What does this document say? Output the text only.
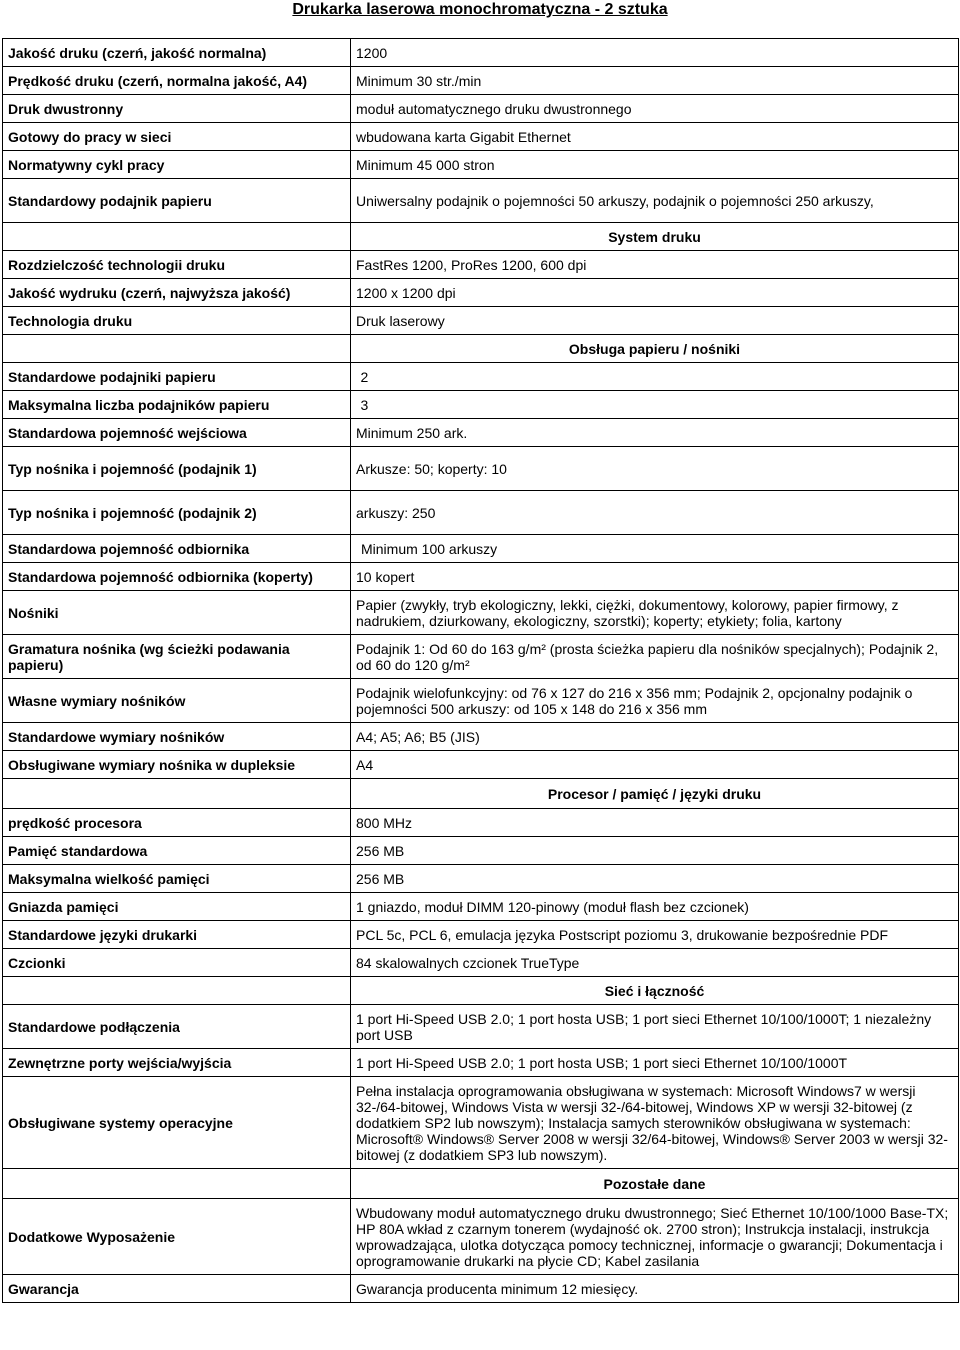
Drukarka laserowa monochromatyczna - 2 sztuka
Jakość druku (czerń, jakość normalna)	1200
Prędkość druku (czerń, normalna jakość, A4)	Minimum 30 str./min
Druk dwustronny	moduł automatycznego druku dwustronnego
Gotowy do pracy w sieci	wbudowana karta Gigabit Ethernet
Normatywny cykl pracy	Minimum 45 000 stron
Standardowy podajnik papieru	Uniwersalny podajnik o pojemności 50 arkuszy, podajnik o pojemności 250 arkuszy,
	System druku
Rozdzielczość technologii druku	FastRes 1200, ProRes 1200, 600 dpi
Jakość wydruku (czerń, najwyższa jakość)	1200 x 1200 dpi
Technologia druku	Druk laserowy
	Obsługa papieru / nośniki
Standardowe podajniki papieru 2	

Maksymalna liczba podajników papieru 3	

Standardowa pojemność wejściowa	Minimum 250 ark.
Typ nośnika i pojemność (podajnik 1)	Arkusze: 50; koperty: 10
Typ nośnika i pojemność (podajnik 2)	arkuszy: 250
Standardowa pojemność odbiornika	Minimum 100 arkuszy
Standardowa pojemność odbiornika (koperty)	10 kopert
Nośniki	Papier (zwykły, tryb ekologiczny, lekki, ciężki, dokumentowy, kolorowy, papier firmowy, z nadrukiem, dziurkowany, ekologiczny, szorstki); koperty; etykiety; folia, kartony
Gramatura nośnika (wg ścieżki podawania papieru)	Podajnik 1: Od 60 do 163 g/m² (prosta ścieżka papieru dla nośników specjalnych); Podajnik 2, od 60 do 120 g/m²
Własne wymiary nośników	Podajnik wielofunkcyjny: od 76 x 127 do 216 x 356 mm; Podajnik 2, opcjonalny podajnik o pojemności 500 arkuszy: od 105 x 148 do 216 x 356 mm
Standardowe wymiary nośników	A4; A5; A6; B5 (JIS)
Obsługiwane wymiary nośnika w dupleksie	A4
	Procesor / pamięć / języki druku
prędkość procesora	800 MHz
Pamięć standardowa	256 MB
Maksymalna wielkość pamięci	256 MB
Gniazda pamięci	1 gniazdo, moduł DIMM 120-pinowy (moduł flash bez czcionek)
Standardowe języki drukarki	PCL 5c, PCL 6, emulacja języka Postscript poziomu 3, drukowanie bezpośrednie PDF
Czcionki	84 skalowalnych czcionek TrueType
	Sieć i łączność
Standardowe podłączenia	1 port Hi-Speed USB 2.0; 1 port hosta USB; 1 port sieci Ethernet 10/100/1000T; 1 niezależny port USB
Zewnętrzne porty wejścia/wyjścia	1 port Hi-Speed USB 2.0; 1 port hosta USB; 1 port sieci Ethernet 10/100/1000T
Obsługiwane systemy operacyjne	Pełna instalacja oprogramowania obsługiwana w systemach: Microsoft Windows7 w wersji 32-/64-bitowej, Windows Vista w wersji 32-/64-bitowej, Windows XP w wersji 32-bitowej (z dodatkiem SP2 lub nowszym); Instalacja samych sterowników obsługiwana w systemach: Microsoft® Windows® Server 2008 w wersji 32/64-bitowej, Windows® Server 2003 w wersji 32-bitowej (z dodatkiem SP3 lub nowszym).
	Pozostałe dane
Dodatkowe Wyposażenie	Wbudowany moduł automatycznego druku dwustronnego; Sieć Ethernet 10/100/1000 Base-TX; HP 80A wkład z czarnym tonerem (wydajność ok. 2700 stron); Instrukcja instalacji, instrukcja wprowadzająca, ulotka dotycząca pomocy technicznej, informacje o gwarancji; Dokumentacja i oprogramowanie drukarki na płycie CD; Kabel zasilania
Gwarancja	Gwarancja producenta minimum 12 miesięcy.
